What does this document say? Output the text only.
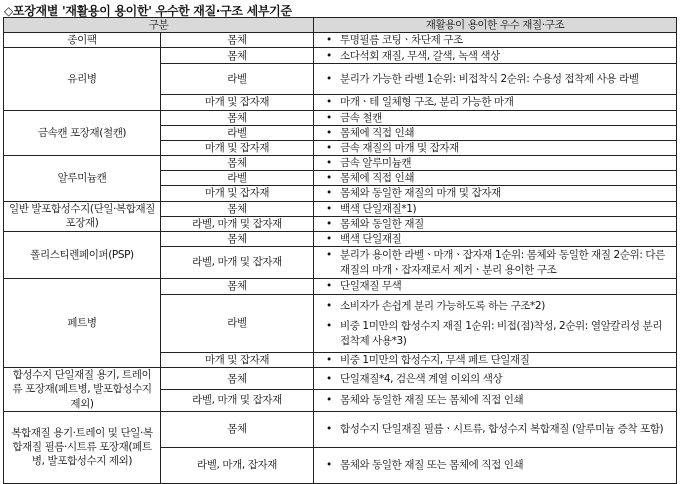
◇포장재별 '재활용이 용이한' 우수한 재질·구조 세부기준
구분		재활용이 용이한 우수 재질·구조
종이팩	몸체	• 투명필름 코팅ㆍ차단제 구조

유리병	몸체	• 소다석회 재질, 무색, 갈색, 녹색 색상

	라벨	• 분리가 가능한 라벨 1순위: 비접착식 2순위: 수용성 접착제 사용 라벨

	마개 및 잡자재	• 마개ㆍ테 일체형 구조, 분리 가능한 마개

금속캔 포장재(철캔)	몸체	• 금속 철캔

	라벨	• 몸체에 직접 인쇄

	마개 및 잡자재	• 금속 재질의 마개 및 잡자재

알루미늄캔	몸체	• 금속 알루미늄캔

	라벨	• 몸체에 직접 인쇄

	마개 및 잡자재	• 몸체와 동일한 재질의 마개 및 잡자재

일반 발포합성수지(단일·복합재질 포장재)	몸체	• 백색 단일재질*1)

	라벨, 마개 및 잡자재	• 몸체와 동일한 재질

폴리스티렌페이퍼(PSP)	몸체	• 백색 단일재질

	라벨, 마개 및 잡자재	• 분리가 용이한 라벨ㆍ마개ㆍ잡자재 1순위: 몸체와 동일한 재질 2순위: 다른 재질의 마개ㆍ잡자재로서 제거ㆍ분리 용이한 구조

페트병	몸체	• 단일재질 무색

	라벨	• 소비자가 손쉽게 분리 가능하도록 하는 구조*2)
• 비중 1미만의 합성수지 재질 1순위: 비접(점)착성, 2순위: 열알칼리성 분리 접착제 사용*3)

	마개 및 잡자재	• 비중 1미만의 합성수지, 무색 페트 단일재질

합성수지 단일재질 용기, 트레이류 포장재(페트병, 발포합성수지제외)	몸체	• 단일재질*4, 검은색 계열 이외의 색상

	라벨, 마개 및 잡자재	• 몸체와 동일한 재질 또는 몸체에 직접 인쇄

복합재질 용기·트레이 및 단일·복합재질 필름·시트류 포장재(페트병, 발포합성수지 제외)	몸체	• 합성수지 단일재질 필름ㆍ시트류, 합성수지 복합재질 (알루미늄 증착 포함)

	라벨, 마개, 잡자재	• 몸체와 동일한 재질 또는 몸체에 직접 인쇄
